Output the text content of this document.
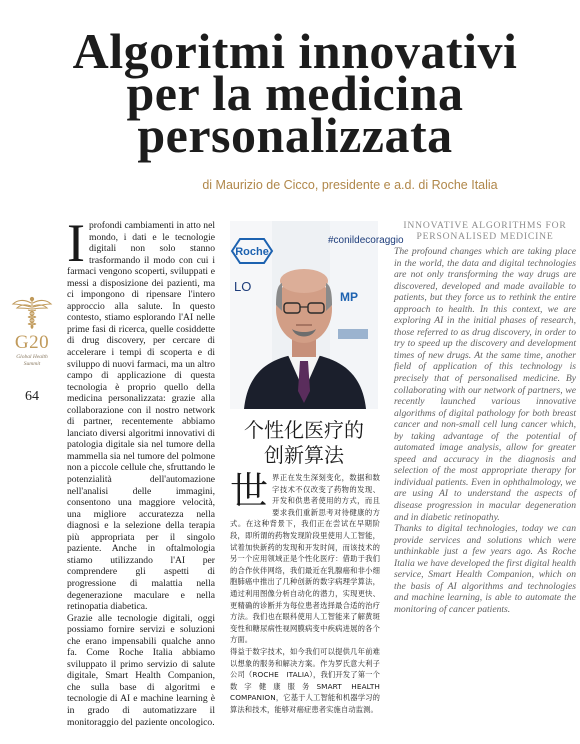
Algoritmi innovativi
per la medicina
personalizzata
di Maurizio de Cicco, presidente e a.d. di Roche Italia
G20
Global Health
Summit
64

Iprofondi cambiamenti in atto nel mondo, i dati e le tecnologie digitali non solo stanno trasformando il modo con cui i farmaci vengono scoperti, sviluppati e messi a disposizione dei pazienti, ma ci impongono di ripensare l'intero approccio alla salute. In questo contesto, stiamo esplorando l'AI nelle prime fasi di ricerca, quelle cosiddette di drug discovery, per cercare di accelerare i tempi di scoperta e di sviluppo di nuovi farmaci, ma un altro campo di applicazione di questa tecnologia è proprio quello della medicina personalizzata: grazie alla collaborazione con il nostro network di partner, recentemente abbiamo lanciato diversi algoritmi innovativi di patologia digitale sia nel tumore della mammella sia nel tumore del polmone non a piccole cellule che, sfruttando le potenzialità dell'automazione nell'analisi delle immagini, consentono una maggiore velocità, una migliore accuratezza nella diagnosi e la selezione della terapia più appropriata per il singolo paziente. Anche in oftalmologia stiamo utilizzando l'AI per comprendere gli aspetti di progressione di malattia nella degenerazione maculare e nella retinopatia diabetica.

Grazie alle tecnologie digitali, oggi possiamo fornire servizi e soluzioni che erano impensabili qualche anno fa. Come Roche Italia abbiamo sviluppato il primo servizio di salute digitale, Smart Health Companion, che sulla base di algoritmi e tecnologie di AI e machine learning è in grado di automatizzare il monitoraggio del paziente oncologico.

Roche
#conildecoraggio
LO
MP
个性化医疗的
创新算法

世界正在发生深刻变化，数据和数字技术不仅改变了药物的发现、开发和供患者使用的方式，而且要求我们重新思考对待健康的方式。在这种背景下，我们正在尝试在早期阶段，即所谓的药物发现阶段里使用人工智能，试着加快新药的发现和开发时间，而该技术的另一个应用领域正是个性化医疗：借助于我们的合作伙伴网络，我们最近在乳腺癌和非小细胞肺癌中推出了几种创新的数字病理学算法，通过利用图像分析自动化的潜力，实现更快、更精确的诊断并为每位患者选择最合适的治疗方法。我们也在眼科使用人工智能来了解黄斑变性和糖尿病性视网膜病变中疾病进展的各个方面。

得益于数字技术，如今我们可以提供几年前难以想象的服务和解决方案。作为罗氏意大利子公司（ROCHE　ITALIA），我们开发了第一个数字健康服务SMART HEALTH COMPANION，它基于人工智能和机器学习的算法和技术，能够对癌症患者实施自动监测。

INNOVATIVE ALGORITHMS FOR PERSONALISED MEDICINE

The profound changes which are taking place in the world, the data and digital technologies are not only transforming the way drugs are discovered, developed and made available to patients, but they force us to rethink the entire approach to health. In this context, we are exploring AI in the initial phases of research, those referred to as drug discovery, in order to try to speed up the discovery and development times of new drugs. At the same time, another field of application of this technology is precisely that of personalised medicine. By collaborating with our network of partners, we recently launched various innovative algorithms of digital pathology for both breast cancer and non-small cell lung cancer which, by taking advantage of the potential of automated image analysis, allow for greater speed and accuracy in the diagnosis and selection of the most appropriate therapy for individual patients. Even in ophthalmology, we are using AI to understand the aspects of disease progression in macular degeneration and in diabetic retinopathy.

Thanks to digital technologies, today we can provide services and solutions which were unthinkable just a few years ago. As Roche Italia we have developed the first digital health service, Smart Health Companion, which on the basis of AI algorithms and technologies and machine learning, is able to automate the monitoring of cancer patients.
